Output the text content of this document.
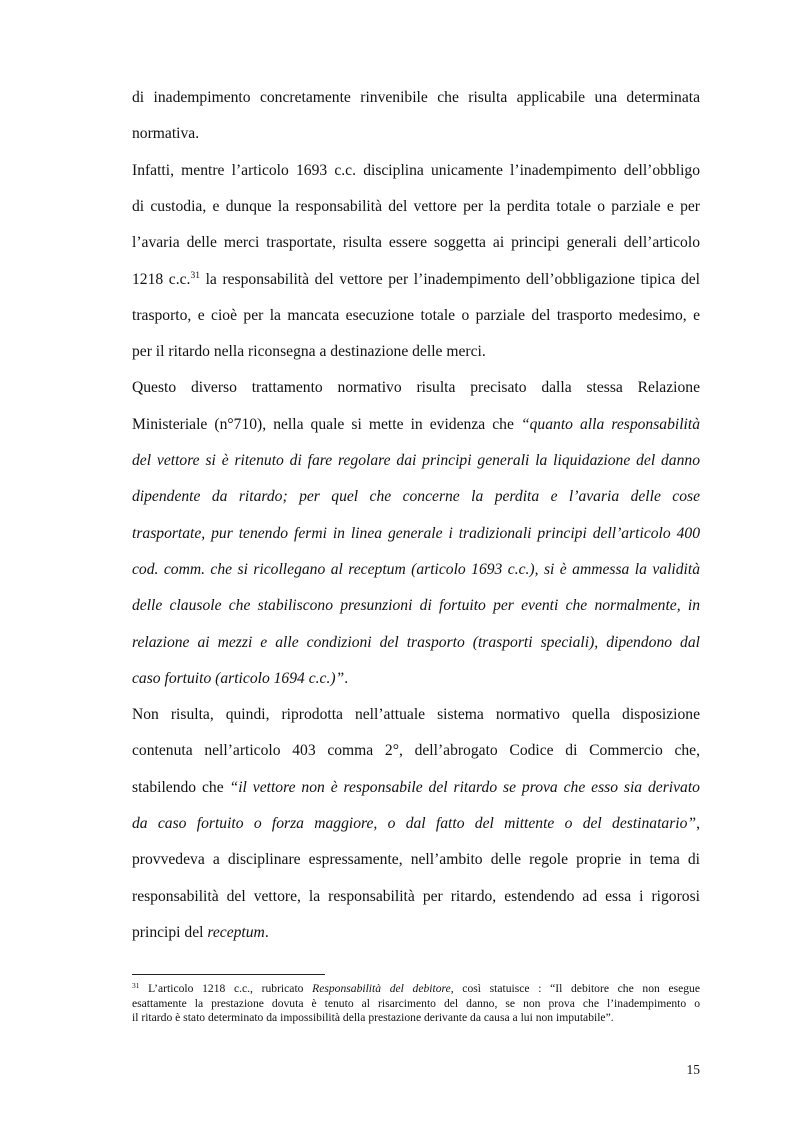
di inadempimento concretamente rinvenibile che risulta applicabile una determinata
normativa.
Infatti, mentre l’articolo 1693 c.c. disciplina unicamente l’inadempimento dell’obbligo
di custodia, e dunque la responsabilità del vettore per la perdita totale o parziale e per
l’avaria delle merci trasportate, risulta essere soggetta ai principi generali dell’articolo
1218 c.c.$^{31}$ la responsabilità del vettore per l’inadempimento dell’obbligazione tipica del
trasporto, e cioè per la mancata esecuzione totale o parziale del trasporto medesimo, e
per il ritardo nella riconsegna a destinazione delle merci.
Questo diverso trattamento normativo risulta precisato dalla stessa Relazione
Ministeriale (n°710), nella quale si mette in evidenza che “quanto alla responsabilità
del vettore si è ritenuto di fare regolare dai principi generali la liquidazione del danno
dipendente da ritardo; per quel che concerne la perdita e l’avaria delle cose
trasportate, pur tenendo fermi in linea generale i tradizionali principi dell’articolo 400
cod. comm. che si ricollegano al receptum (articolo 1693 c.c.), si è ammessa la validità
delle clausole che stabiliscono presunzioni di fortuito per eventi che normalmente, in
relazione ai mezzi e alle condizioni del trasporto (trasporti speciali), dipendono dal
caso fortuito (articolo 1694 c.c.)”.
Non risulta, quindi, riprodotta nell’attuale sistema normativo quella disposizione
contenuta nell’articolo 403 comma 2°, dell’abrogato Codice di Commercio che,
stabilendo che “il vettore non è responsabile del ritardo se prova che esso sia derivato
da caso fortuito o forza maggiore, o dal fatto del mittente o del destinatario”,
provvedeva a disciplinare espressamente, nell’ambito delle regole proprie in tema di
responsabilità del vettore, la responsabilità per ritardo, estendendo ad essa i rigorosi
principi del receptum.
$^{31}$ L’articolo 1218 c.c., rubricato Responsabilità del debitore, così statuisce : “Il debitore che non esegue
esattamente la prestazione dovuta è tenuto al risarcimento del danno, se non prova che l’inadempimento o
il ritardo è stato determinato da impossibilità della prestazione derivante da causa a lui non imputabile”.
15
